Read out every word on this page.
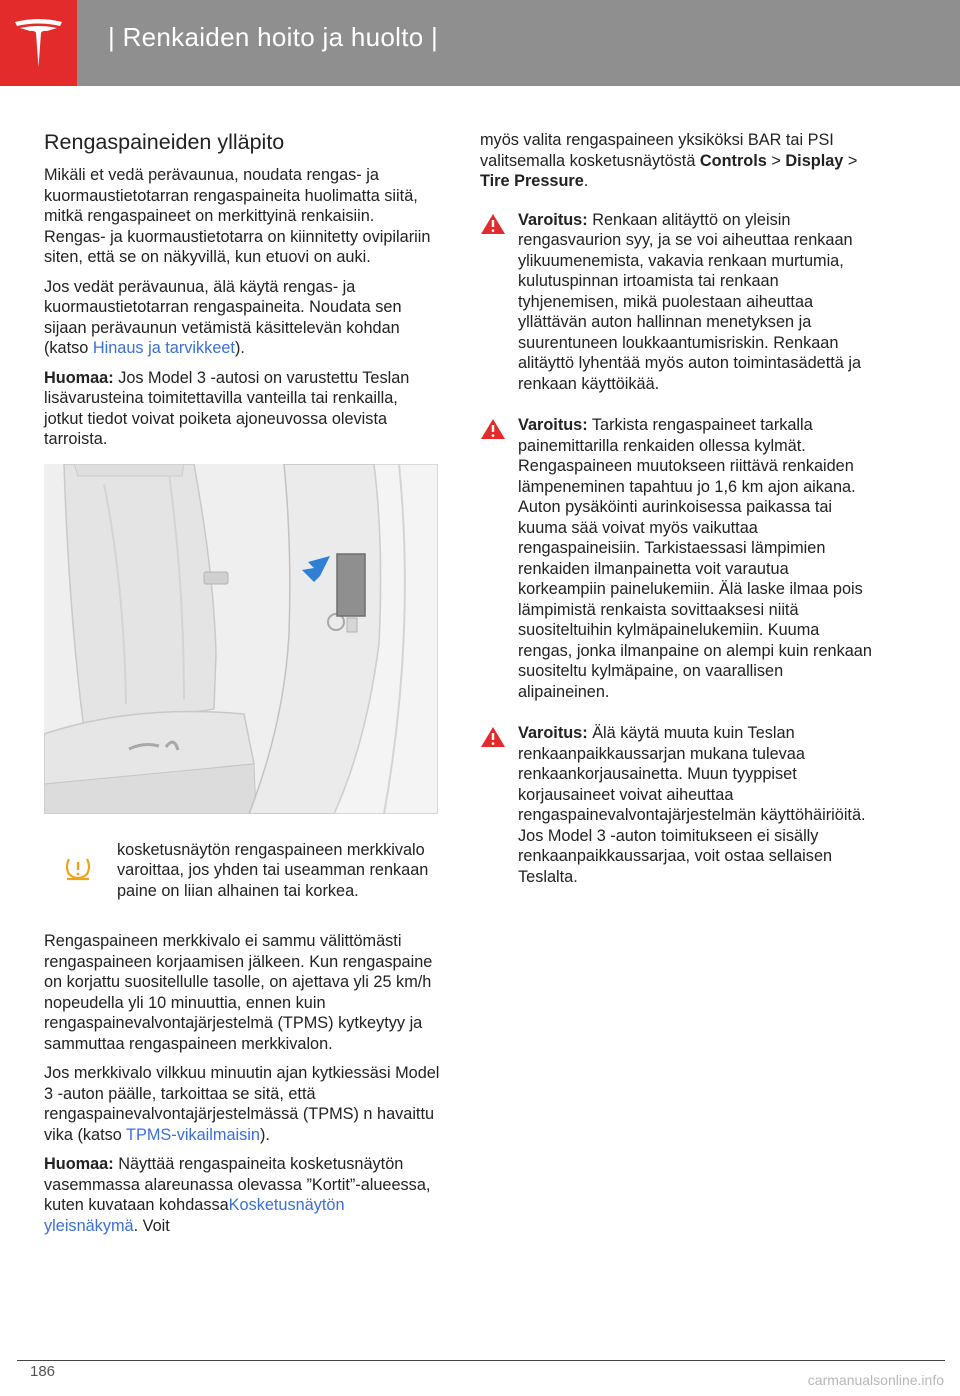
| Renkaiden hoito ja huolto |
Rengaspaineiden ylläpito

Mikäli et vedä perävaunua, noudata rengas- ja kuormaustietotarran rengaspaineita huolimatta siitä, mitkä rengaspaineet on merkittyinä renkaisiin. Rengas- ja kuormaustietotarra on kiinnitetty ovipilariin siten, että se on näkyvillä, kun etuovi on auki.

Jos vedät perävaunua, älä käytä rengas- ja kuormaustietotarran rengaspaineita. Noudata sen sijaan perävaunun vetämistä käsittelevän kohdan (katso Hinaus ja tarvikkeet).

Huomaa: Jos Model 3 -autosi on varustettu Teslan lisävarusteina toimitettavilla vanteilla tai renkailla, jotkut tiedot voivat poiketa ajoneuvossa olevista tarroista.

kosketusnäytön rengaspaineen merkkivalo varoittaa, jos yhden tai useamman renkaan paine on liian alhainen tai korkea.

Rengaspaineen merkkivalo ei sammu välittömästi rengaspaineen korjaamisen jälkeen. Kun rengaspaine on korjattu suositellulle tasolle, on ajettava yli 25 km/h nopeudella yli 10 minuuttia, ennen kuin rengaspainevalvontajärjestelmä (TPMS) kytkeytyy ja sammuttaa rengaspaineen merkkivalon.

Jos merkkivalo vilkkuu minuutin ajan kytkiessäsi Model 3 -auton päälle, tarkoittaa se sitä, että rengaspainevalvontajärjestelmässä (TPMS) n havaittu vika (katso TPMS-vikailmaisin).

Huomaa: Näyttää rengaspaineita kosketusnäytön vasemmassa alareunassa olevassa ”Kortit”-alueessa, kuten kuvataan kohdassaKosketusnäytön yleisnäkymä. Voit

myös valita rengaspaineen yksiköksi BAR tai PSI valitsemalla kosketusnäytöstä Controls > Display > Tire Pressure.

Varoitus: Renkaan alitäyttö on yleisin rengasvaurion syy, ja se voi aiheuttaa renkaan ylikuumenemista, vakavia renkaan murtumia, kulutuspinnan irtoamista tai renkaan tyhjenemisen, mikä puolestaan aiheuttaa yllättävän auton hallinnan menetyksen ja suurentuneen loukkaantumisriskin. Renkaan alitäyttö lyhentää myös auton toimintasädettä ja renkaan käyttöikää.
Varoitus: Tarkista rengaspaineet tarkalla painemittarilla renkaiden ollessa kylmät. Rengaspaineen muutokseen riittävä renkaiden lämpeneminen tapahtuu jo 1,6 km ajon aikana. Auton pysäköinti aurinkoisessa paikassa tai kuuma sää voivat myös vaikuttaa rengaspaineisiin. Tarkistaessasi lämpimien renkaiden ilmanpainetta voit varautua korkeampiin painelukemiin. Älä laske ilmaa pois lämpimistä renkaista sovittaaksesi niitä suositeltuihin kylmäpainelukemiin. Kuuma rengas, jonka ilmanpaine on alempi kuin renkaan suositeltu kylmäpaine, on vaarallisen alipaineinen.
Varoitus: Älä käytä muuta kuin Teslan renkaanpaikkaussarjan mukana tulevaa renkaankorjausainetta. Muun tyyppiset korjausaineet voivat aiheuttaa rengaspainevalvontajärjestelmän käyttöhäiriöitä. Jos Model 3 -auton toimitukseen ei sisälly renkaanpaikkaussarjaa, voit ostaa sellaisen Teslalta.
186	carmanualsonline.info
